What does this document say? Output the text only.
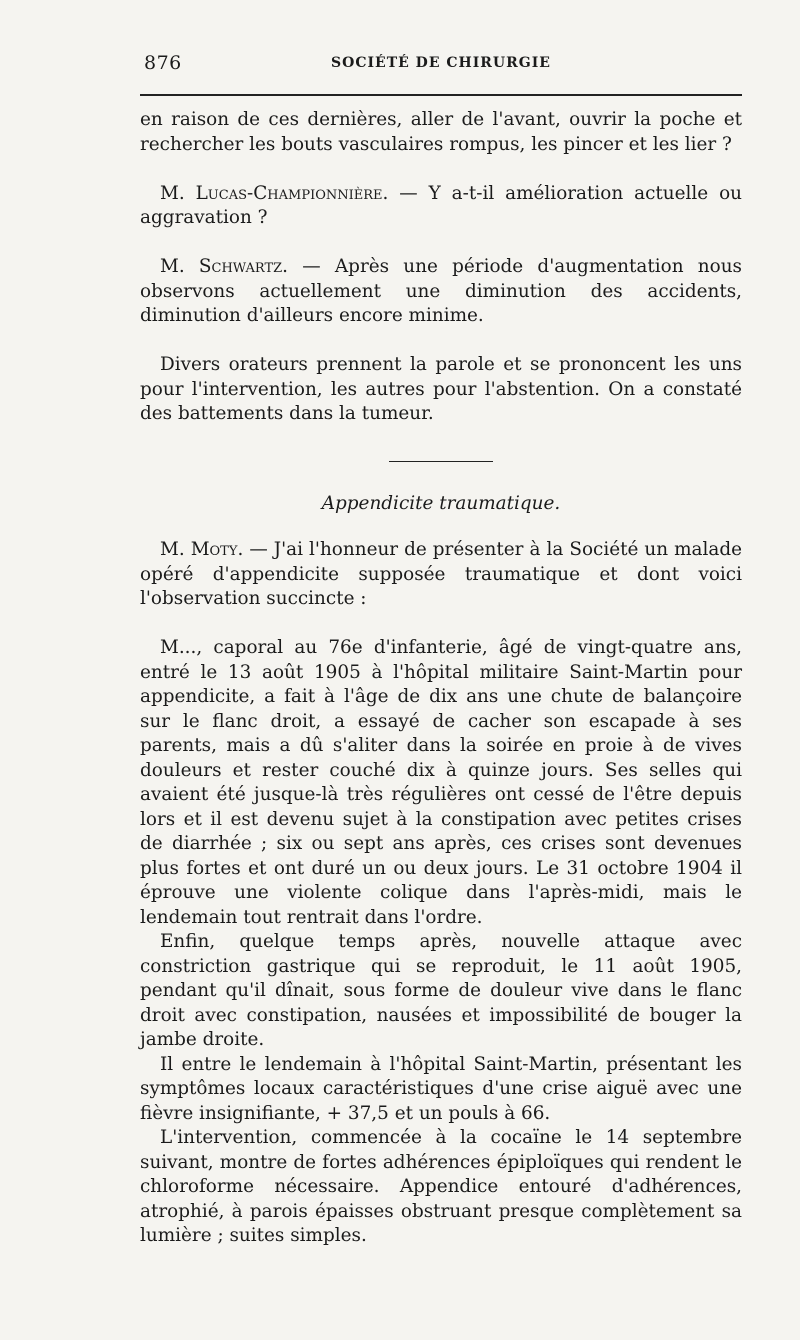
876	SOCIÉTÉ DE CHIRURGIE

en raison de ces dernières, aller de l'avant, ouvrir la poche et rechercher les bouts vasculaires rompus, les pincer et les lier ?

M. Lucas-Championnière. — Y a-t-il amélioration actuelle ou aggravation ?

M. Schwartz. — Après une période d'augmentation nous observons actuellement une diminution des accidents, diminution d'ailleurs encore minime.

Divers orateurs prennent la parole et se prononcent les uns pour l'intervention, les autres pour l'abstention. On a constaté des battements dans la tumeur.

Appendicite traumatique.

M. Moty. — J'ai l'honneur de présenter à la Société un malade opéré d'appendicite supposée traumatique et dont voici l'observation succincte :

M..., caporal au 76e d'infanterie, âgé de vingt-quatre ans, entré le 13 août 1905 à l'hôpital militaire Saint-Martin pour appendicite, a fait à l'âge de dix ans une chute de balançoire sur le flanc droit, a essayé de cacher son escapade à ses parents, mais a dû s'aliter dans la soirée en proie à de vives douleurs et rester couché dix à quinze jours. Ses selles qui avaient été jusque-là très régulières ont cessé de l'être depuis lors et il est devenu sujet à la constipation avec petites crises de diarrhée ; six ou sept ans après, ces crises sont devenues plus fortes et ont duré un ou deux jours. Le 31 octobre 1904 il éprouve une violente colique dans l'après-midi, mais le lendemain tout rentrait dans l'ordre.

Enfin, quelque temps après, nouvelle attaque avec constriction gastrique qui se reproduit, le 11 août 1905, pendant qu'il dînait, sous forme de douleur vive dans le flanc droit avec constipation, nausées et impossibilité de bouger la jambe droite.

Il entre le lendemain à l'hôpital Saint-Martin, présentant les symptômes locaux caractéristiques d'une crise aiguë avec une fièvre insignifiante, + 37,5 et un pouls à 66.

L'intervention, commencée à la cocaïne le 14 septembre suivant, montre de fortes adhérences épiploïques qui rendent le chloroforme nécessaire. Appendice entouré d'adhérences, atrophié, à parois épaisses obstruant presque complètement sa lumière ; suites simples.
